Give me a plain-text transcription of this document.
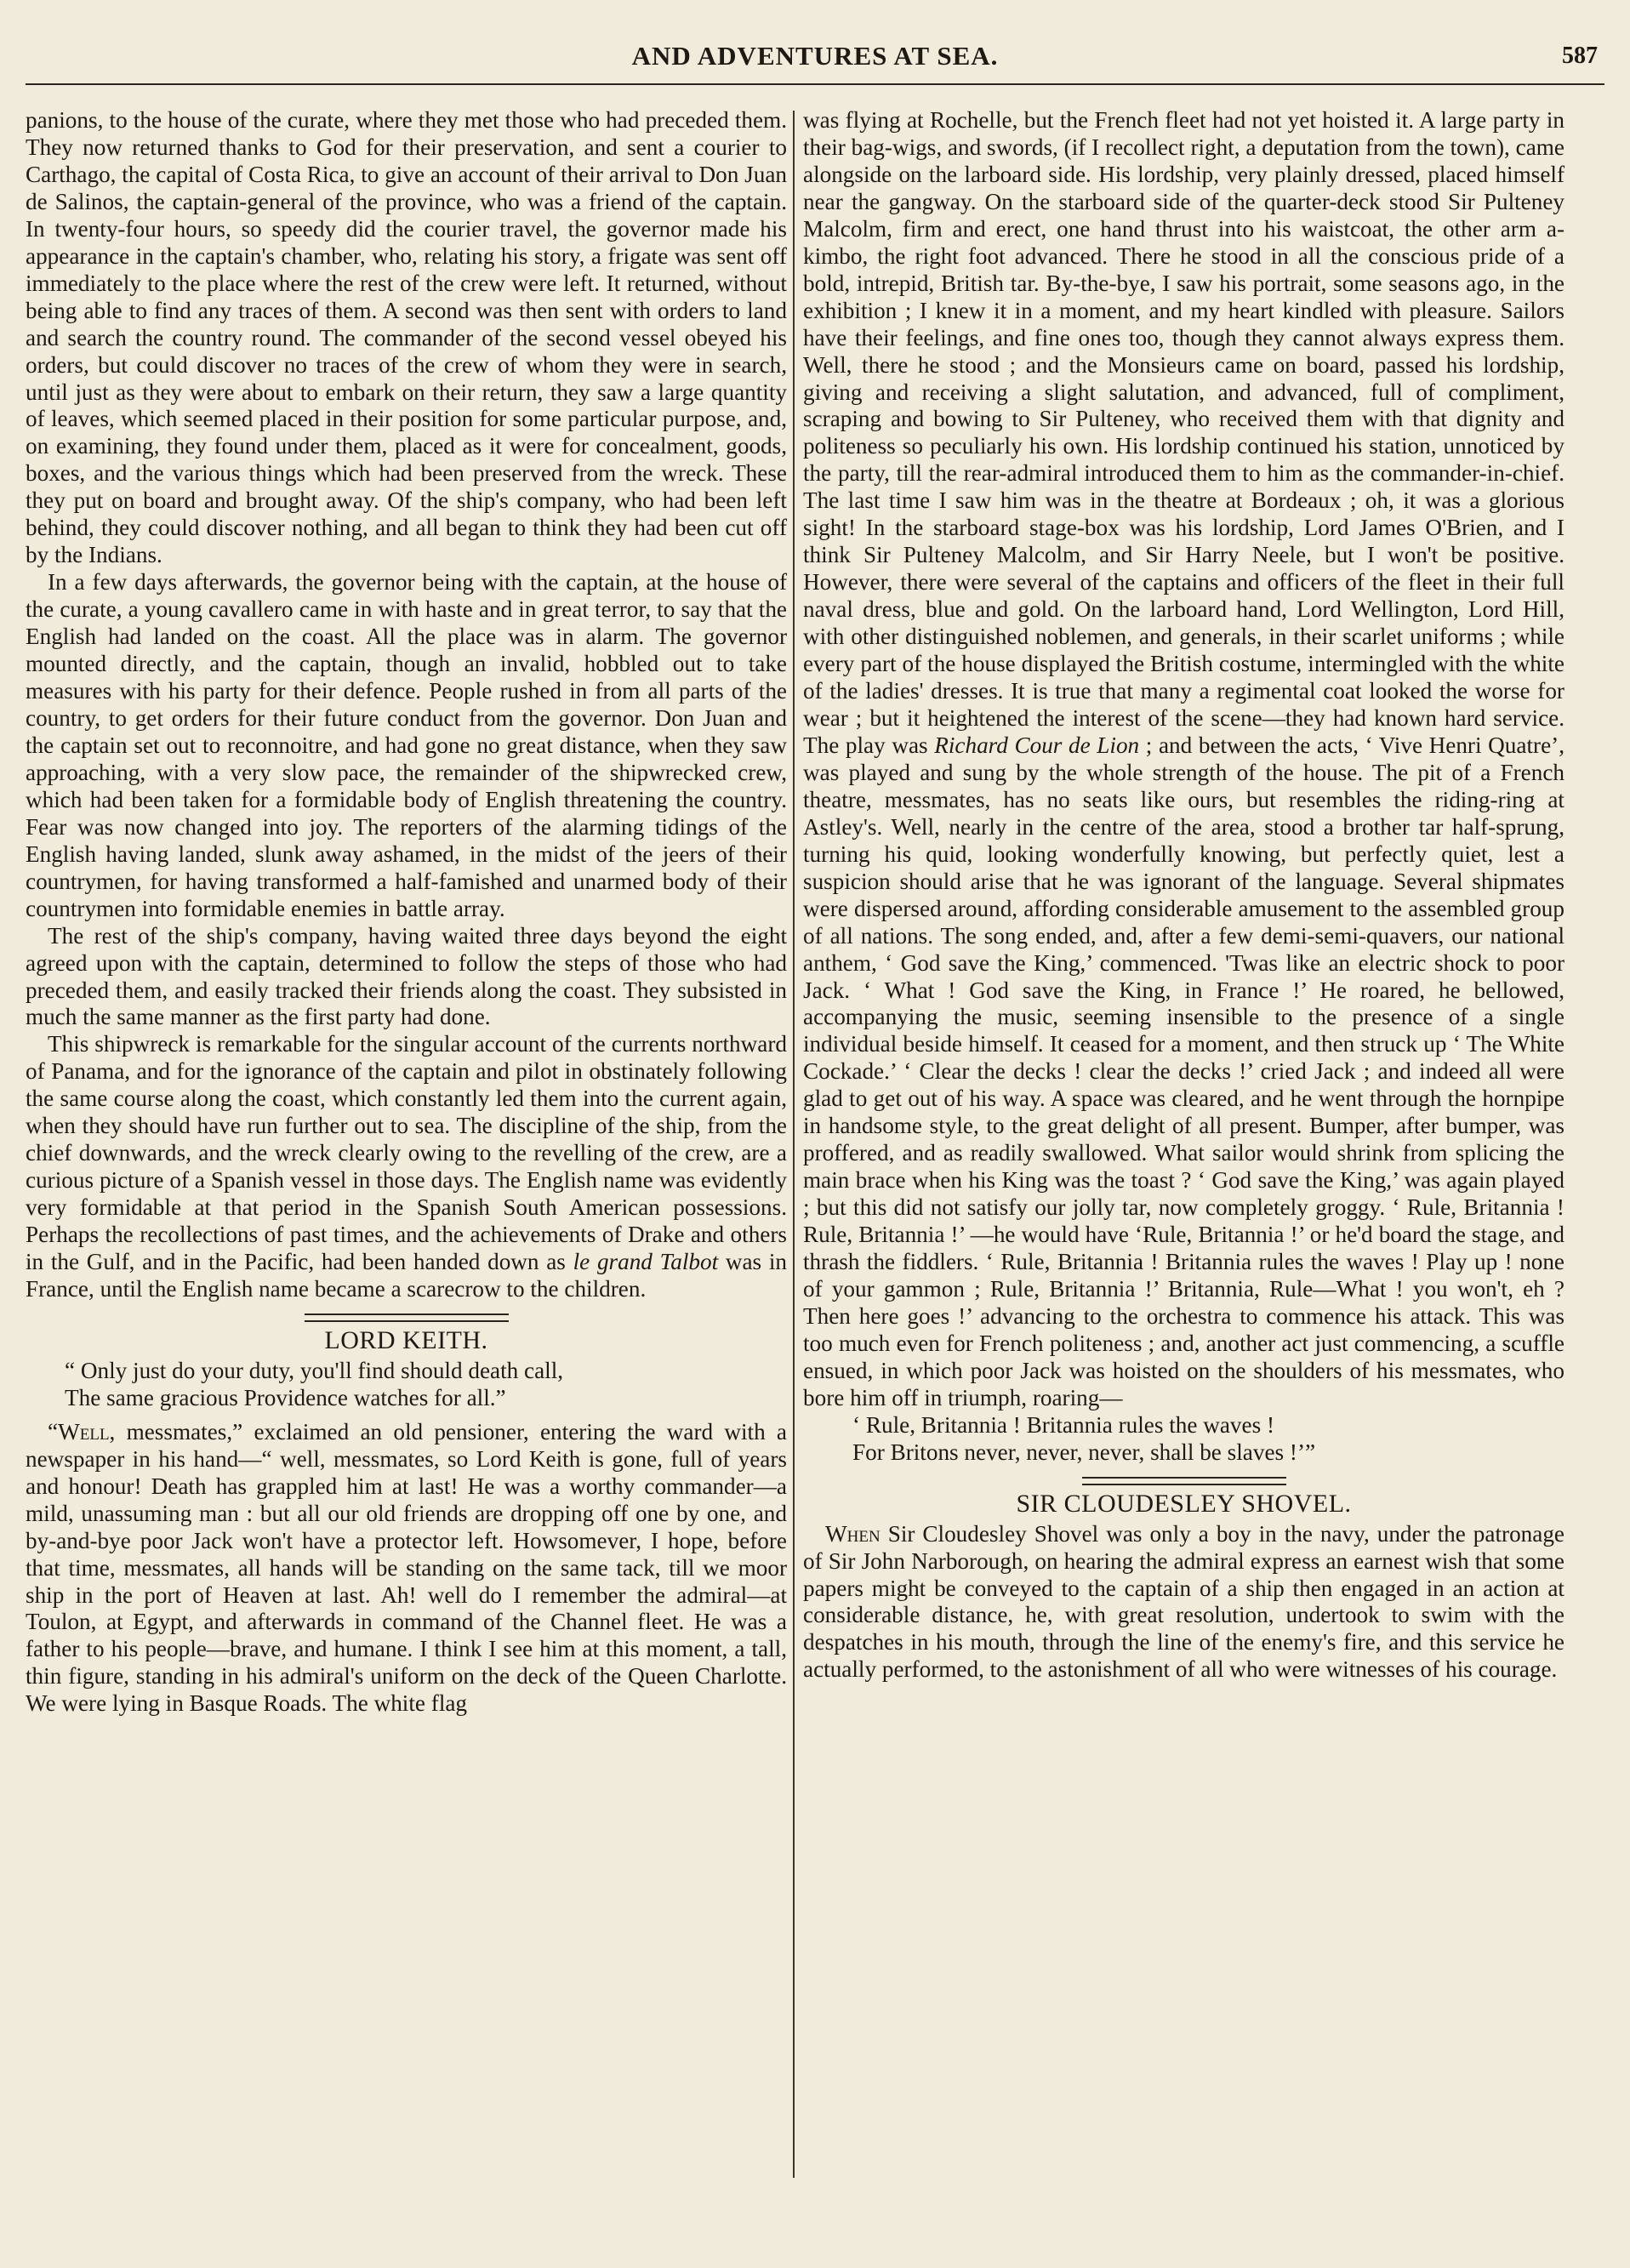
AND ADVENTURES AT SEA.	587

panions, to the house of the curate, where they met those who had preceded them. They now returned thanks to God for their preservation, and sent a courier to Carthago, the capital of Costa Rica, to give an account of their arrival to Don Juan de Salinos, the captain-general of the province, who was a friend of the captain. In twenty-four hours, so speedy did the courier travel, the governor made his appearance in the captain's chamber, who, relating his story, a frigate was sent off immediately to the place where the rest of the crew were left. It returned, without being able to find any traces of them. A second was then sent with orders to land and search the country round. The commander of the second vessel obeyed his orders, but could discover no traces of the crew of whom they were in search, until just as they were about to embark on their return, they saw a large quantity of leaves, which seemed placed in their position for some particular purpose, and, on examining, they found under them, placed as it were for concealment, goods, boxes, and the various things which had been preserved from the wreck. These they put on board and brought away. Of the ship's company, who had been left behind, they could discover nothing, and all began to think they had been cut off by the Indians.

In a few days afterwards, the governor being with the captain, at the house of the curate, a young cavallero came in with haste and in great terror, to say that the English had landed on the coast. All the place was in alarm. The governor mounted directly, and the captain, though an invalid, hobbled out to take measures with his party for their defence. People rushed in from all parts of the country, to get orders for their future conduct from the governor. Don Juan and the captain set out to reconnoitre, and had gone no great distance, when they saw approaching, with a very slow pace, the remainder of the shipwrecked crew, which had been taken for a formidable body of English threatening the country. Fear was now changed into joy. The reporters of the alarming tidings of the English having landed, slunk away ashamed, in the midst of the jeers of their countrymen, for having transformed a half-famished and unarmed body of their countrymen into formidable enemies in battle array.

The rest of the ship's company, having waited three days beyond the eight agreed upon with the captain, determined to follow the steps of those who had preceded them, and easily tracked their friends along the coast. They subsisted in much the same manner as the first party had done.

This shipwreck is remarkable for the singular account of the currents northward of Panama, and for the ignorance of the captain and pilot in obstinately following the same course along the coast, which constantly led them into the current again, when they should have run further out to sea. The discipline of the ship, from the chief downwards, and the wreck clearly owing to the revelling of the crew, are a curious picture of a Spanish vessel in those days. The English name was evidently very formidable at that period in the Spanish South American possessions. Perhaps the recollections of past times, and the achievements of Drake and others in the Gulf, and in the Pacific, had been handed down as le grand Talbot was in France, until the English name became a scarecrow to the children.

LORD KEITH.

“ Only just do your duty, you'll find should death call,

The same gracious Providence watches for all.”

“Well, messmates,” exclaimed an old pensioner, entering the ward with a newspaper in his hand—“ well, messmates, so Lord Keith is gone, full of years and honour! Death has grappled him at last! He was a worthy commander—a mild, unassuming man : but all our old friends are dropping off one by one, and by-and-bye poor Jack won't have a protector left. Howsomever, I hope, before that time, messmates, all hands will be standing on the same tack, till we moor ship in the port of Heaven at last. Ah! well do I remember the admiral—at Toulon, at Egypt, and afterwards in command of the Channel fleet. He was a father to his people—brave, and humane. I think I see him at this moment, a tall, thin figure, standing in his admiral's uniform on the deck of the Queen Charlotte. We were lying in Basque Roads. The white flag

was flying at Rochelle, but the French fleet had not yet hoisted it. A large party in their bag-wigs, and swords, (if I recollect right, a deputation from the town), came alongside on the larboard side. His lordship, very plainly dressed, placed himself near the gangway. On the starboard side of the quarter-deck stood Sir Pulteney Malcolm, firm and erect, one hand thrust into his waistcoat, the other arm a-kimbo, the right foot advanced. There he stood in all the conscious pride of a bold, intrepid, British tar. By-the-bye, I saw his portrait, some seasons ago, in the exhibition ; I knew it in a moment, and my heart kindled with pleasure. Sailors have their feelings, and fine ones too, though they cannot always express them. Well, there he stood ; and the Monsieurs came on board, passed his lordship, giving and receiving a slight salutation, and advanced, full of compliment, scraping and bowing to Sir Pulteney, who received them with that dignity and politeness so peculiarly his own. His lordship continued his station, unnoticed by the party, till the rear-admiral introduced them to him as the commander-in-chief. The last time I saw him was in the theatre at Bordeaux ; oh, it was a glorious sight! In the starboard stage-box was his lordship, Lord James O'Brien, and I think Sir Pulteney Malcolm, and Sir Harry Neele, but I won't be positive. However, there were several of the captains and officers of the fleet in their full naval dress, blue and gold. On the larboard hand, Lord Wellington, Lord Hill, with other distinguished noblemen, and generals, in their scarlet uniforms ; while every part of the house displayed the British costume, intermingled with the white of the ladies' dresses. It is true that many a regimental coat looked the worse for wear ; but it heightened the interest of the scene—they had known hard service. The play was Richard Cour de Lion ; and between the acts, ‘ Vive Henri Quatre’, was played and sung by the whole strength of the house. The pit of a French theatre, messmates, has no seats like ours, but resembles the riding-ring at Astley's. Well, nearly in the centre of the area, stood a brother tar half-sprung, turning his quid, looking wonderfully knowing, but perfectly quiet, lest a suspicion should arise that he was ignorant of the language. Several shipmates were dispersed around, affording considerable amusement to the assembled group of all nations. The song ended, and, after a few demi-semi-quavers, our national anthem, ‘ God save the King,’ commenced. 'Twas like an electric shock to poor Jack. ‘ What ! God save the King, in France !’ He roared, he bellowed, accompanying the music, seeming insensible to the presence of a single individual beside himself. It ceased for a moment, and then struck up ‘ The White Cockade.’ ‘ Clear the decks ! clear the decks !’ cried Jack ; and indeed all were glad to get out of his way. A space was cleared, and he went through the hornpipe in handsome style, to the great delight of all present. Bumper, after bumper, was proffered, and as readily swallowed. What sailor would shrink from splicing the main brace when his King was the toast ? ‘ God save the King,’ was again played ; but this did not satisfy our jolly tar, now completely groggy. ‘ Rule, Britannia ! Rule, Britannia !’ —he would have ‘Rule, Britannia !’ or he'd board the stage, and thrash the fiddlers. ‘ Rule, Britannia ! Britannia rules the waves ! Play up ! none of your gammon ; Rule, Britannia !’ Britannia, Rule—What ! you won't, eh ? Then here goes !’ advancing to the orchestra to commence his attack. This was too much even for French politeness ; and, another act just commencing, a scuffle ensued, in which poor Jack was hoisted on the shoulders of his messmates, who bore him off in triumph, roaring—

‘ Rule, Britannia ! Britannia rules the waves !

For Britons never, never, never, shall be slaves !’”

SIR CLOUDESLEY SHOVEL.

When Sir Cloudesley Shovel was only a boy in the navy, under the patronage of Sir John Narborough, on hearing the admiral express an earnest wish that some papers might be conveyed to the captain of a ship then engaged in an action at considerable distance, he, with great resolution, undertook to swim with the despatches in his mouth, through the line of the enemy's fire, and this service he actually performed, to the astonishment of all who were witnesses of his courage.
